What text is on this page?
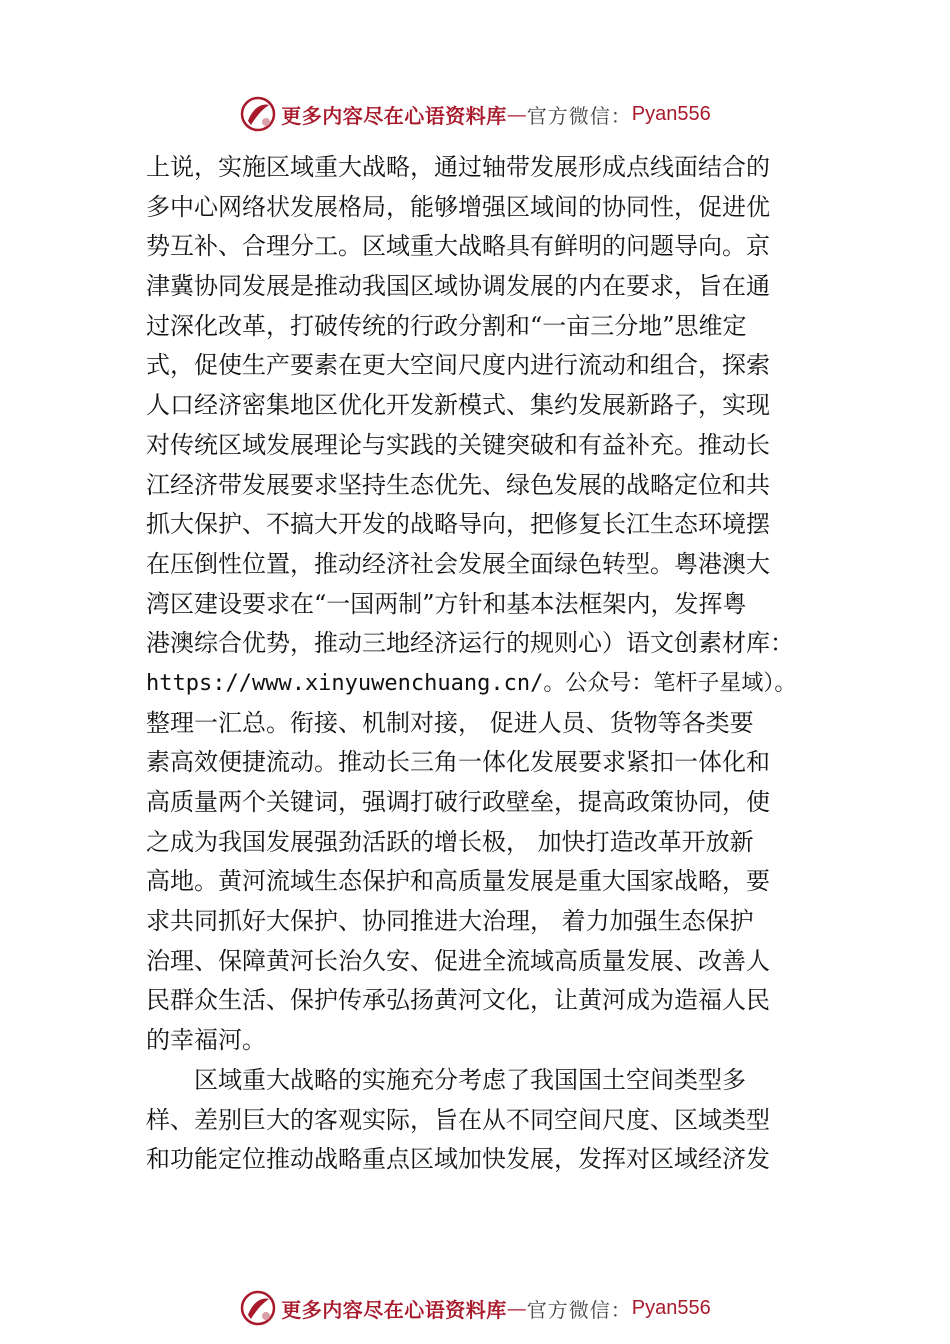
更多内容尽在心语资料库 — 官方微信： Pyan556
上说，实施区域重大战略，通过轴带发展形成点线面结合的
多中心网络状发展格局，能够增强区域间的协同性，促进优
势互补、合理分工。区域重大战略具有鲜明的问题导向。京
津冀协同发展是推动我国区域协调发展的内在要求，旨在通
过深化改革，打破传统的行政分割和“一亩三分地”思维定
式，促使生产要素在更大空间尺度内进行流动和组合，探索
人口经济密集地区优化开发新模式、集约发展新路子，实现
对传统区域发展理论与实践的关键突破和有益补充。推动长
江经济带发展要求坚持生态优先、绿色发展的战略定位和共
抓大保护、不搞大开发的战略导向，把修复长江生态环境摆
在压倒性位置，推动经济社会发展全面绿色转型。粤港澳大
湾区建设要求在“一国两制”方针和基本法框架内，发挥粤
港澳综合优势，推动三地经济运行的规则心）语文创素材库：
https://www.xinyuwenchuang.cn/。公众号：笔杆子星域）。
整理一汇总。衔接、机制对接， 促进人员、货物等各类要
素高效便捷流动。推动长三角一体化发展要求紧扣一体化和
高质量两个关键词，强调打破行政壁垒，提高政策协同，使
之成为我国发展强劲活跃的增长极， 加快打造改革开放新
高地。黄河流域生态保护和高质量发展是重大国家战略，要
求共同抓好大保护、协同推进大治理， 着力加强生态保护
治理、保障黄河长治久安、促进全流域高质量发展、改善人
民群众生活、保护传承弘扬黄河文化，让黄河成为造福人民
的幸福河。
　　区域重大战略的实施充分考虑了我国国土空间类型多
样、差别巨大的客观实际，旨在从不同空间尺度、区域类型
和功能定位推动战略重点区域加快发展，发挥对区域经济发
更多内容尽在心语资料库 — 官方微信： Pyan556
